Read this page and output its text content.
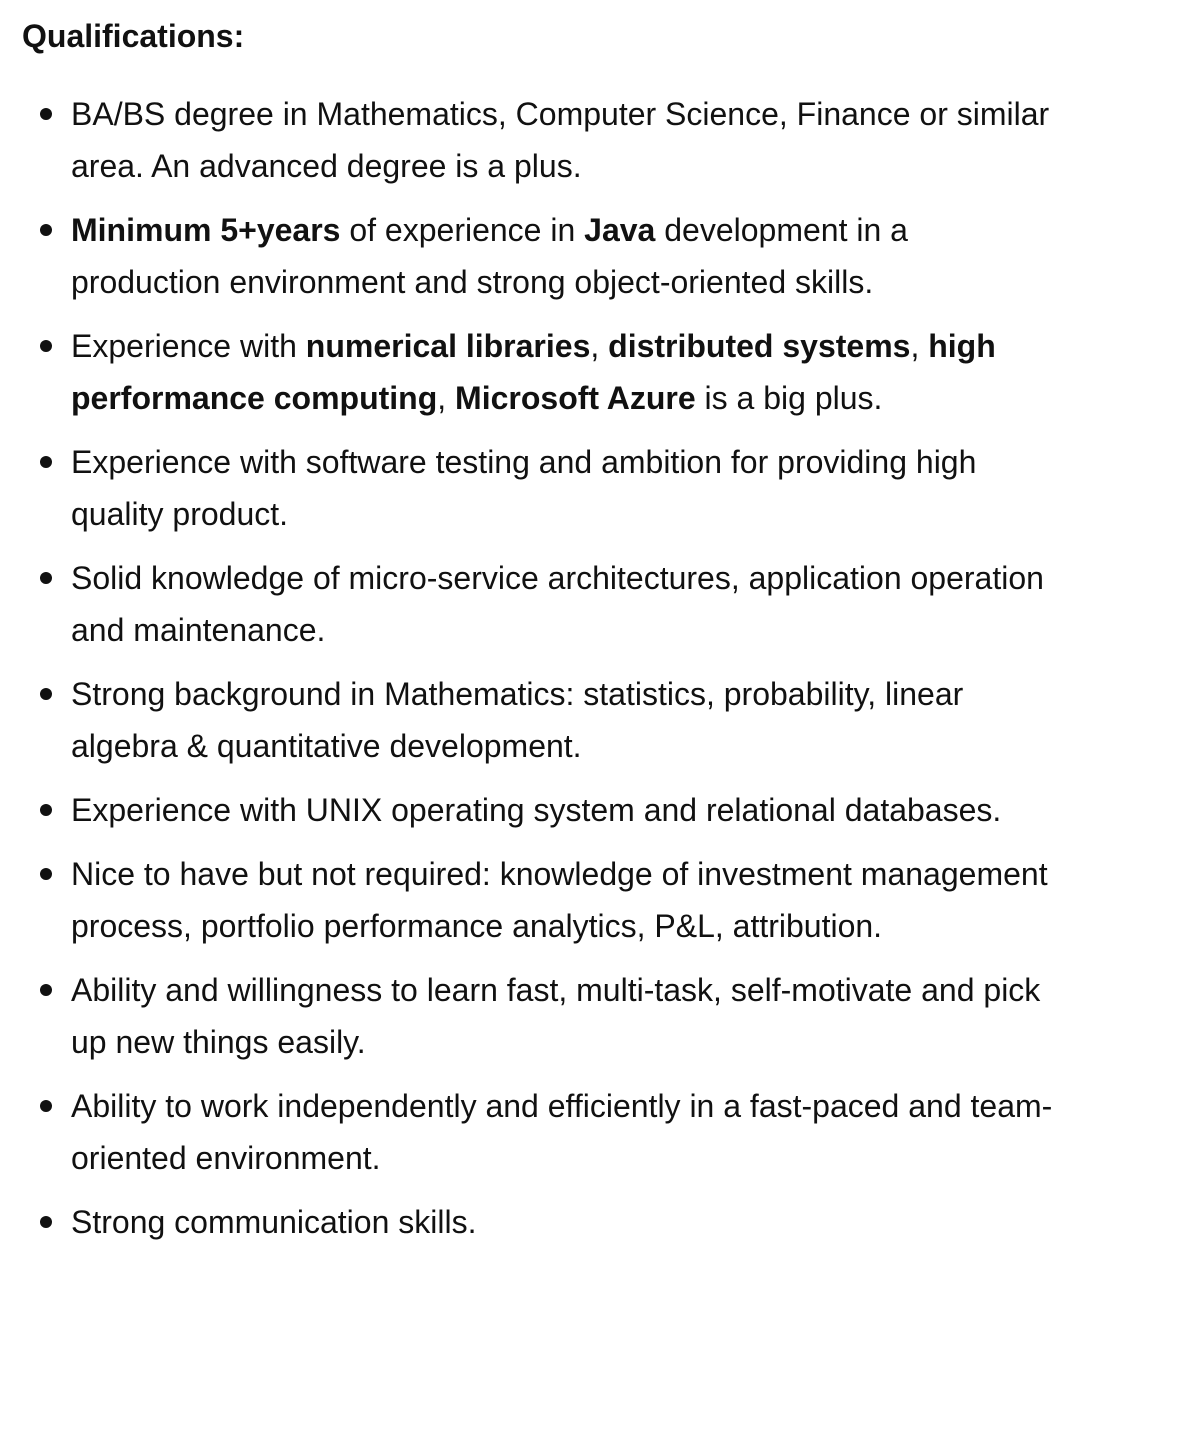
Qualifications:
BA/BS degree in Mathematics, Computer Science, Finance or similar area. An advanced degree is a plus.
Minimum 5+years of experience in Java development in a production environment and strong object-oriented skills.
Experience with numerical libraries, distributed systems, high performance computing, Microsoft Azure is a big plus.
Experience with software testing and ambition for providing high quality product.
Solid knowledge of micro-service architectures, application operation and maintenance.
Strong background in Mathematics: statistics, probability, linear algebra & quantitative development.
Experience with UNIX operating system and relational databases.
Nice to have but not required: knowledge of investment management process, portfolio performance analytics, P&L, attribution.
Ability and willingness to learn fast, multi-task, self-motivate and pick up new things easily.
Ability to work independently and efficiently in a fast-paced and team-oriented environment.
Strong communication skills.
